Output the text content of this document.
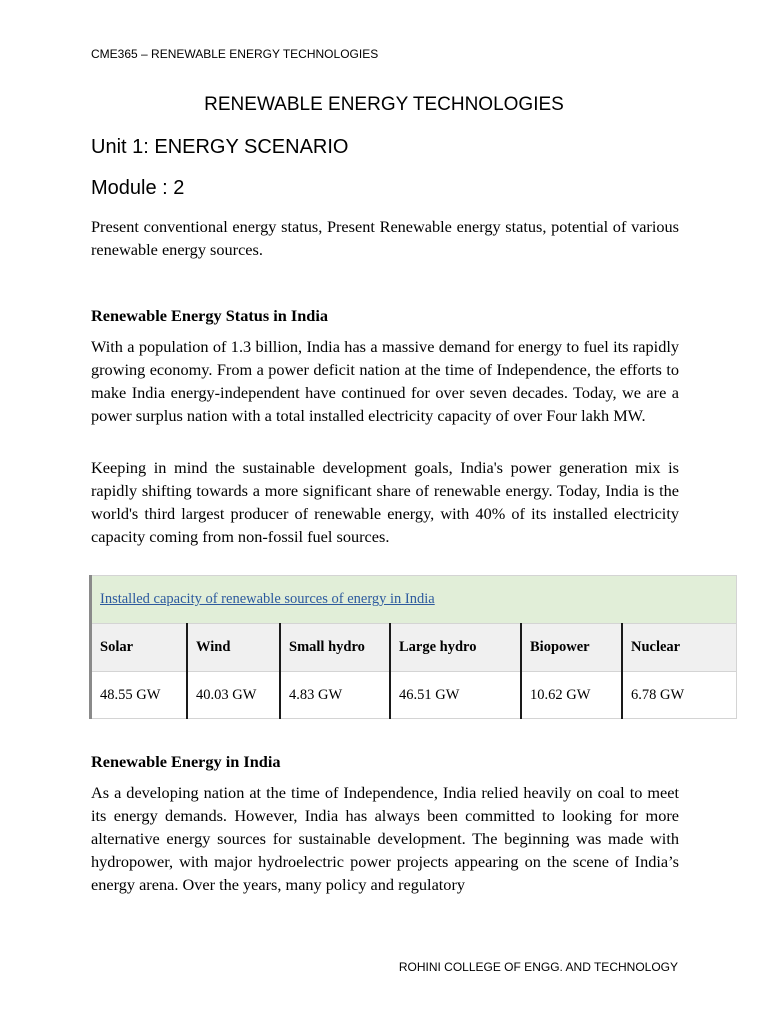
CME365 – RENEWABLE ENERGY TECHNOLOGIES
RENEWABLE ENERGY TECHNOLOGIES
Unit 1: ENERGY SCENARIO
Module : 2

Present conventional energy status, Present Renewable energy status, potential of various renewable energy sources.

Renewable Energy Status in India

With a population of 1.3 billion, India has a massive demand for energy to fuel its rapidly growing economy. From a power deficit nation at the time of Independence, the efforts to make India energy-independent have continued for over seven decades. Today, we are a power surplus nation with a total installed electricity capacity of over Four lakh MW.

Keeping in mind the sustainable development goals, India's power generation mix is rapidly shifting towards a more significant share of renewable energy. Today, India is the world's third largest producer of renewable energy, with 40% of its installed electricity capacity coming from non-fossil fuel sources.

Installed capacity of renewable sources of energy in India					
Solar	Wind	Small hydro	Large hydro	Biopower	Nuclear
48.55 GW	40.03 GW	4.83 GW	46.51 GW	10.62 GW	6.78 GW
Renewable Energy in India

As a developing nation at the time of Independence, India relied heavily on coal to meet its energy demands. However, India has always been committed to looking for more alternative energy sources for sustainable development. The beginning was made with hydropower, with major hydroelectric power projects appearing on the scene of India’s energy arena. Over the years, many policy and regulatory

ROHINI COLLEGE OF ENGG. AND TECHNOLOGY
